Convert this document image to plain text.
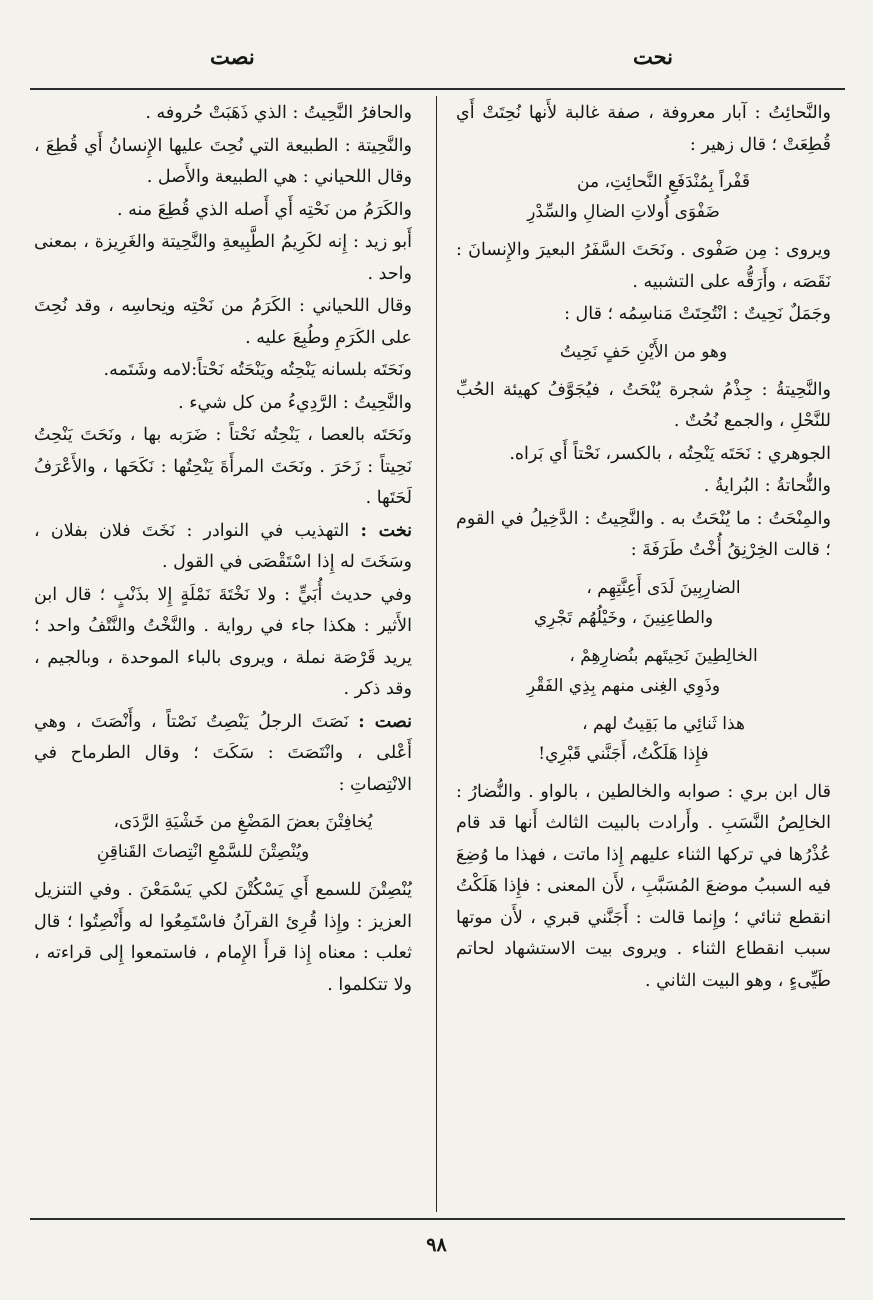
نحت
نصت
والنَّحائِتُ : آبار معروفة ، صفة غالبة لأَنها نُحِتَتْ أَي قُطِعَتْ ؛ قال زهير :
قَفْراً بِمُنْدَفَعِ النَّحائِتِ، من
ضَفْوَى أُولاتِ الضالِ والسِّدْرِ
ويروى : مِن صَفْوى . ونَحَتَ السَّفَرُ البعيرَ والإِنسانَ : نَقَصَه ، وأَرَقُّه على التشبيه .
وجَمَلٌ نَحِيتٌ : انْتُحِتَتْ مَناسِمُه ؛ قال :
وهو من الأَيْنِ حَفٍ نَحِيتُ
والنَّحِيتةُ : جِذْمُ شجرة يُنْحَتُ ، فيُجَوَّفُ كهيئة الحُبِّ للنَّحْلِ ، والجمع نُحُتٌ .
الجوهري : نَحَتَه يَنْحِتُه ، بالكسر، نَحْتاً أَي بَراه.
والنُّحاتةُ : البُرايةُ .
والمِنْحَتُ : ما يُنْحَتُ به . والنَّحِيتُ : الدَّخِيلُ في القوم ؛ قالت الخِرْنِقُ أُخْتُ طَرَفَةَ :
الضارِبِينَ لَدَى أَعِنَّتِهِم ،
والطاعِنِينَ ، وخَيْلُهُم تَجْرِي
الخالِطِينَ نَحِيتَهم بنُضارِهِمْ ،
وذَوِي الغِنى منهم بِذِي الفَقْرِ
هذا ثَنائِي ما بَقِيتُ لهم ،
فإِذا هَلَكْتُ، أَجَنَّني قَبْرِي!
قال ابن بري : صوابه والخالطين ، بالواو . والنُّضارُ : الخالِصُ النَّسَبِ . وأَرادت بالبيت الثالث أَنها قد قام عُذْرُها في تركها الثناء عليهم إِذا ماتت ، فهذا ما وُضِعَ فيه السببُ موضعَ المُسَبَّبِ ، لأَن المعنى : فإِذا هَلَكْتُ انقطع ثنائي ؛ وإِنما قالت : أَجَنَّني قبري ، لأَن موتها سبب انقطاع الثناء . ويروى بيت الاستشهاد لحاتم طَيِّىءٍ ، وهو البيت الثاني .
والحافرُ النَّحِيتُ : الذي ذَهَبَتْ حُروفه .
والنَّحِيتة : الطبيعة التي نُحِتَ عليها الإِنسانُ أَي قُطِعَ ، وقال اللحياني : هي الطبيعة والأَصل .
والكَرَمُ من نَحْتِه أَي أَصله الذي قُطِعَ منه .
أَبو زيد : إِنه لكَرِيمُ الطَّبِيعةِ والنَّحِيتة والغَرِيزة ، بمعنى واحد .
وقال اللحياني : الكَرَمُ من نَحْتِه ونِحاسِه ، وقد نُحِتَ على الكَرَمِ وطُبِعَ عليه .
ونَحَتَه بلسانه يَنْحِتُه ويَنْحَتُه نَحْتاً:لامه وشَتَمه.
والنَّحِيتُ : الرَّدِيءُ من كل شيء .
ونَحَتَه بالعصا ، يَنْحِتُه نَحْتاً : ضَرَبه بها ، ونَحَتَ يَنْحِتُ نَحِيتاً : زَحَرَ . ونَحَتَ المرأَةَ يَنْحِتُها : نَكَحَها ، والأَعْرَفُ لَحَتَها .
نخت : التهذيب في النوادر : نَخَتَ فلان بفلان ، وسَخَتَ له إِذا اسْتَقْصَى في القول .
وفي حديث أُبَيٍّ : ولا نَخْتَةَ نَمْلَةٍ إِلا بذَنْبٍ ؛ قال ابن الأَثير : هكذا جاء في رواية . والنَّخْتُ والنَّتْفُ واحد ؛ يريد قَرْصَة نملة ، ويروى بالباء الموحدة ، وبالجيم ، وقد ذكر .
نصت : نَصَتَ الرجلُ يَنْصِتُ نَصْتاً ، وأَنْصَتَ ، وهي أَعْلى ، وانْتَصَتَ : سَكَتَ ؛ وقال الطرماح في الانْتِصاتِ :
يُخافِتْنَ بعضَ المَضْغِ من خَشْيَةِ الرَّدَى،
ويُنْصِتْنَ للسَّمْعِ انْتِصاتَ القَناقِنِ
يُنْصِتْنَ للسمع أَي يَسْكُتْنَ لكي يَسْمَعْنَ . وفي التنزيل العزيز : وإِذا قُرِئ القرآنُ فاسْتَمِعُوا له وأَنْصِتُوا ؛ قال ثعلب : معناه إِذا قرأَ الإِمام ، فاستمعوا إِلى قراءته ، ولا تتكلموا .
٩٨
